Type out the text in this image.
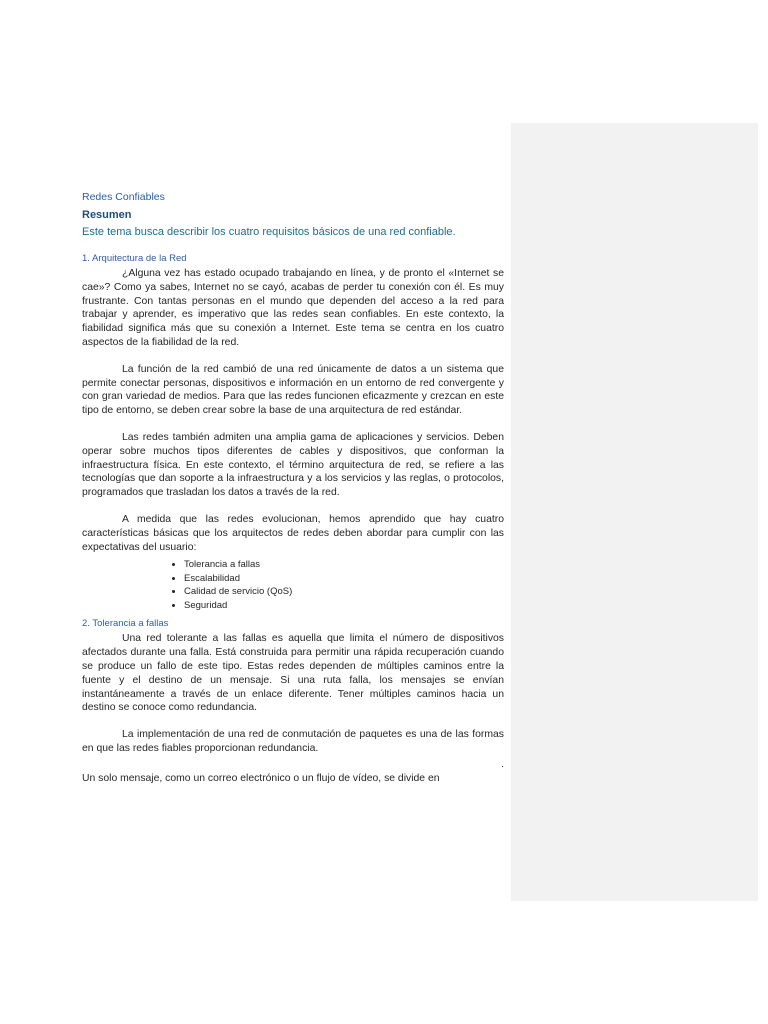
Redes Confiables
Resumen
Este tema busca describir los cuatro requisitos básicos de una red confiable.
1. Arquitectura de la Red

¿Alguna vez has estado ocupado trabajando en línea, y de pronto el «Internet se cae»? Como ya sabes, Internet no se cayó, acabas de perder tu conexión con él. Es muy frustrante. Con tantas personas en el mundo que dependen del acceso a la red para trabajar y aprender, es imperativo que las redes sean confiables. En este contexto, la fiabilidad significa más que su conexión a Internet. Este tema se centra en los cuatro aspectos de la fiabilidad de la red.

La función de la red cambió de una red únicamente de datos a un sistema que permite conectar personas, dispositivos e información en un entorno de red convergente y con gran variedad de medios. Para que las redes funcionen eficazmente y crezcan en este tipo de entorno, se deben crear sobre la base de una arquitectura de red estándar.

Las redes también admiten una amplia gama de aplicaciones y servicios. Deben operar sobre muchos tipos diferentes de cables y dispositivos, que conforman la infraestructura física. En este contexto, el término arquitectura de red, se refiere a las tecnologías que dan soporte a la infraestructura y a los servicios y las reglas, o protocolos, programados que trasladan los datos a través de la red.

A medida que las redes evolucionan, hemos aprendido que hay cuatro características básicas que los arquitectos de redes deben abordar para cumplir con las expectativas del usuario:

• Tolerancia a fallas
• Escalabilidad
• Calidad de servicio (QoS)
• Seguridad
2. Tolerancia a fallas

Una red tolerante a las fallas es aquella que limita el número de dispositivos afectados durante una falla. Está construida para permitir una rápida recuperación cuando se produce un fallo de este tipo. Estas redes dependen de múltiples caminos entre la fuente y el destino de un mensaje. Si una ruta falla, los mensajes se envían instantáneamente a través de un enlace diferente. Tener múltiples caminos hacia un destino se conoce como redundancia.

La implementación de una red de conmutación de paquetes es una de las formas en que las redes fiables proporcionan redundancia.

.

Un solo mensaje, como un correo electrónico o un flujo de vídeo, se divide en
